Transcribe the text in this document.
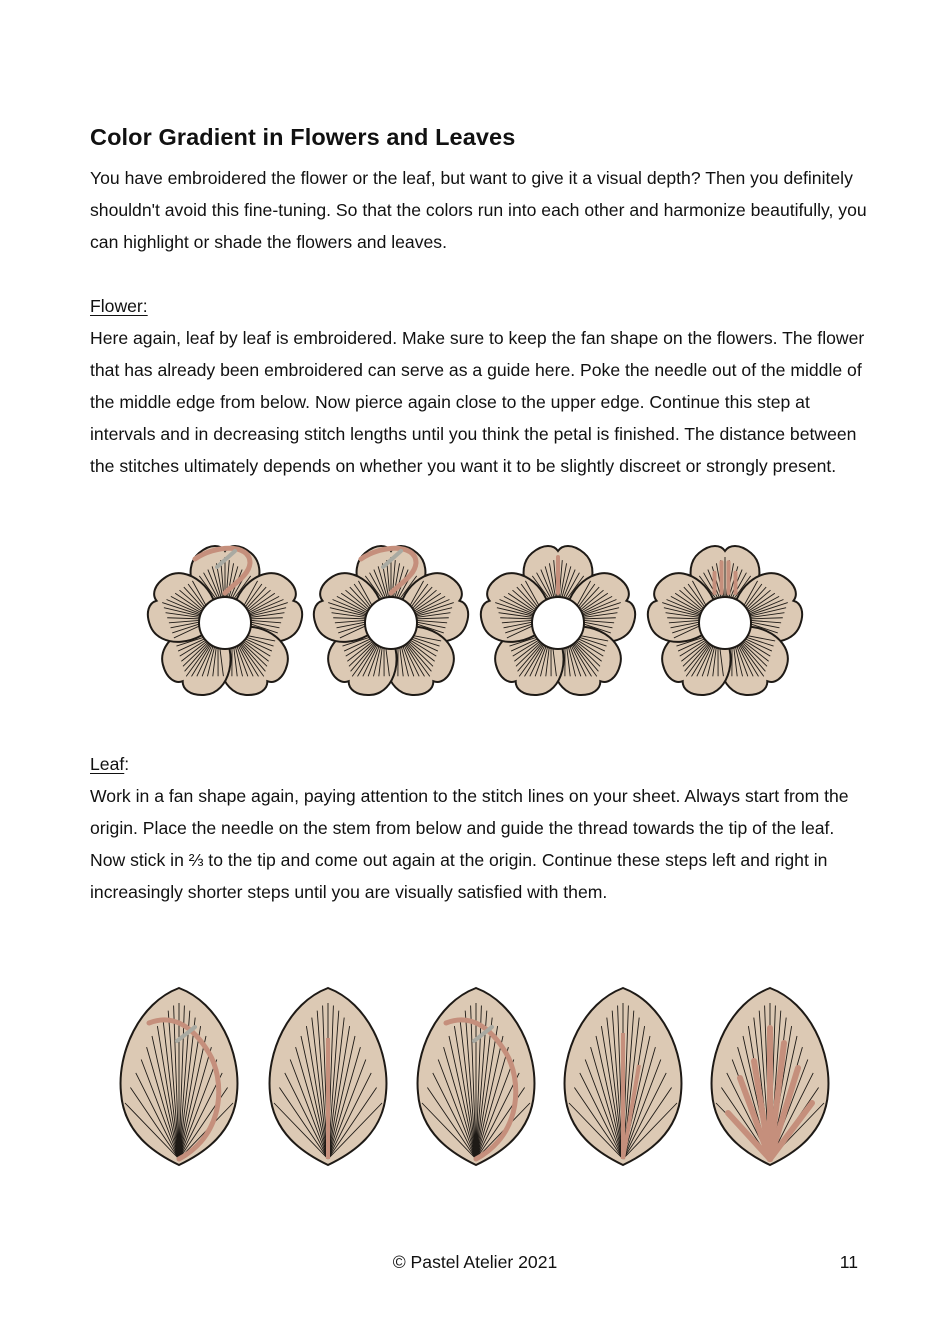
Color Gradient in Flowers and Leaves

You have embroidered the flower or the leaf, but want to give it a visual depth? Then you definitely shouldn't avoid this fine-tuning. So that the colors run into each other and harmonize beautifully, you can highlight or shade the flowers and leaves.

Flower:

Here again, leaf by leaf is embroidered. Make sure to keep the fan shape on the flowers. The flower that has already been embroidered can serve as a guide here. Poke the needle out of the middle of the middle edge from below. Now pierce again close to the upper edge. Continue this step at intervals and in decreasing stitch lengths until you think the petal is finished. The distance between the stitches ultimately depends on whether you want it to be slightly discreet or strongly present.

Leaf:

Work in a fan shape again, paying attention to the stitch lines on your sheet. Always start from the origin. Place the needle on the stem from below and guide the thread towards the tip of the leaf. Now stick in ⅔ to the tip and come out again at the origin. Continue these steps left and right in increasingly shorter steps until you are visually satisfied with them.

© Pastel Atelier 2021	11
